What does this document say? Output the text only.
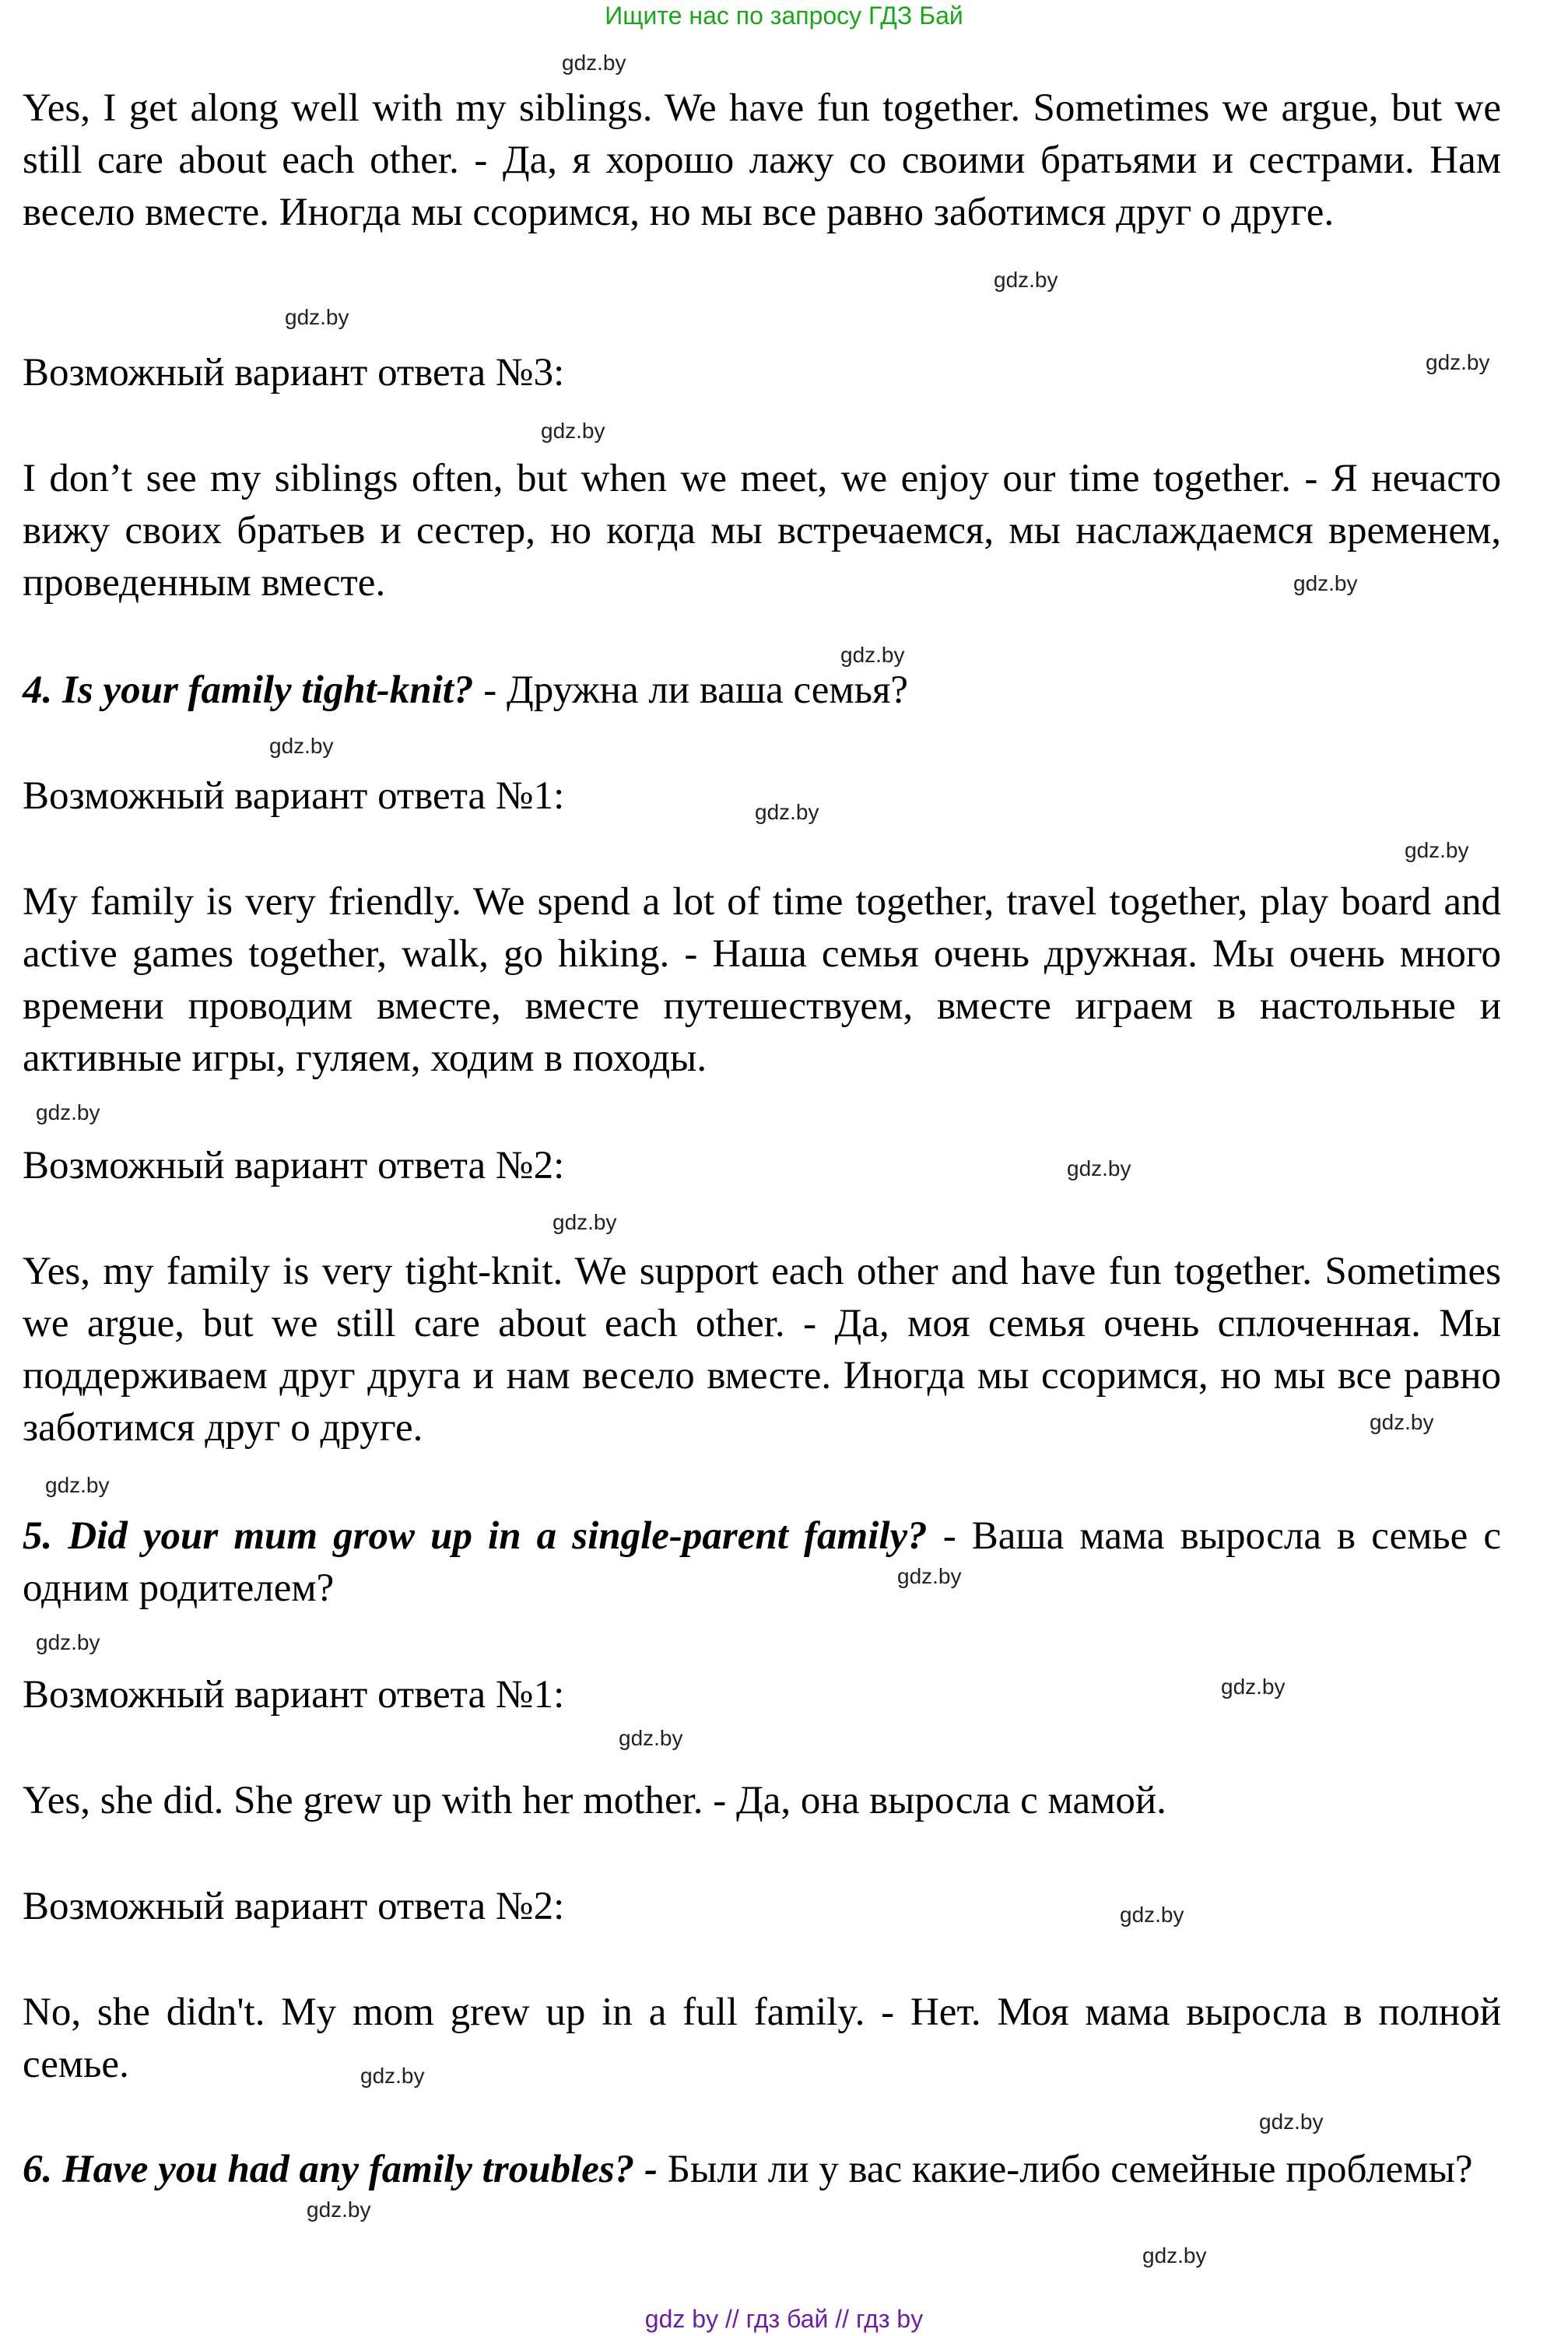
Ищите нас по запросу ГДЗ Бай
gdz.by
gdz.by
gdz.by
gdz.by
gdz.by
gdz.by
gdz.by
gdz.by
gdz.by
gdz.by
gdz.by
gdz.by
gdz.by
gdz.by
gdz.by
gdz.by
gdz.by
gdz.by
gdz.by
gdz.by
gdz.by
gdz.by
gdz.by
gdz.by

Yes, I get along well with my siblings. We have fun together. Sometimes we argue, but we still care about each other. - Да, я хорошо лажу со своими братьями и сестрами. Нам весело вместе. Иногда мы ссоримся, но мы все равно заботимся друг о друге.

Возможный вариант ответа №3:

I don’t see my siblings often, but when we meet, we enjoy our time together. - Я нечасто вижу своих братьев и сестер, но когда мы встречаемся, мы наслаждаемся временем, проведенным вместе.

4. Is your family tight-knit? - Дружна ли ваша семья?

Возможный вариант ответа №1:

My family is very friendly. We spend a lot of time together, travel together, play board and active games together, walk, go hiking. - Наша семья очень дружная. Мы очень много времени проводим вместе, вместе путешествуем, вместе играем в настольные и активные игры, гуляем, ходим в походы.

Возможный вариант ответа №2:

Yes, my family is very tight-knit. We support each other and have fun together. Sometimes we argue, but we still care about each other. - Да, моя семья очень сплоченная. Мы поддерживаем друг друга и нам весело вместе. Иногда мы ссоримся, но мы все равно заботимся друг о друге.

5. Did your mum grow up in a single-parent family? - Ваша мама выросла в семье с одним родителем?

Возможный вариант ответа №1:

Yes, she did. She grew up with her mother. - Да, она выросла с мамой.

Возможный вариант ответа №2:

No, she didn't. My mom grew up in a full family. - Нет. Моя мама выросла в полной семье.

6. Have you had any family troubles? - Были ли у вас какие-либо семейные проблемы?

gdz by // гдз бай // гдз by
